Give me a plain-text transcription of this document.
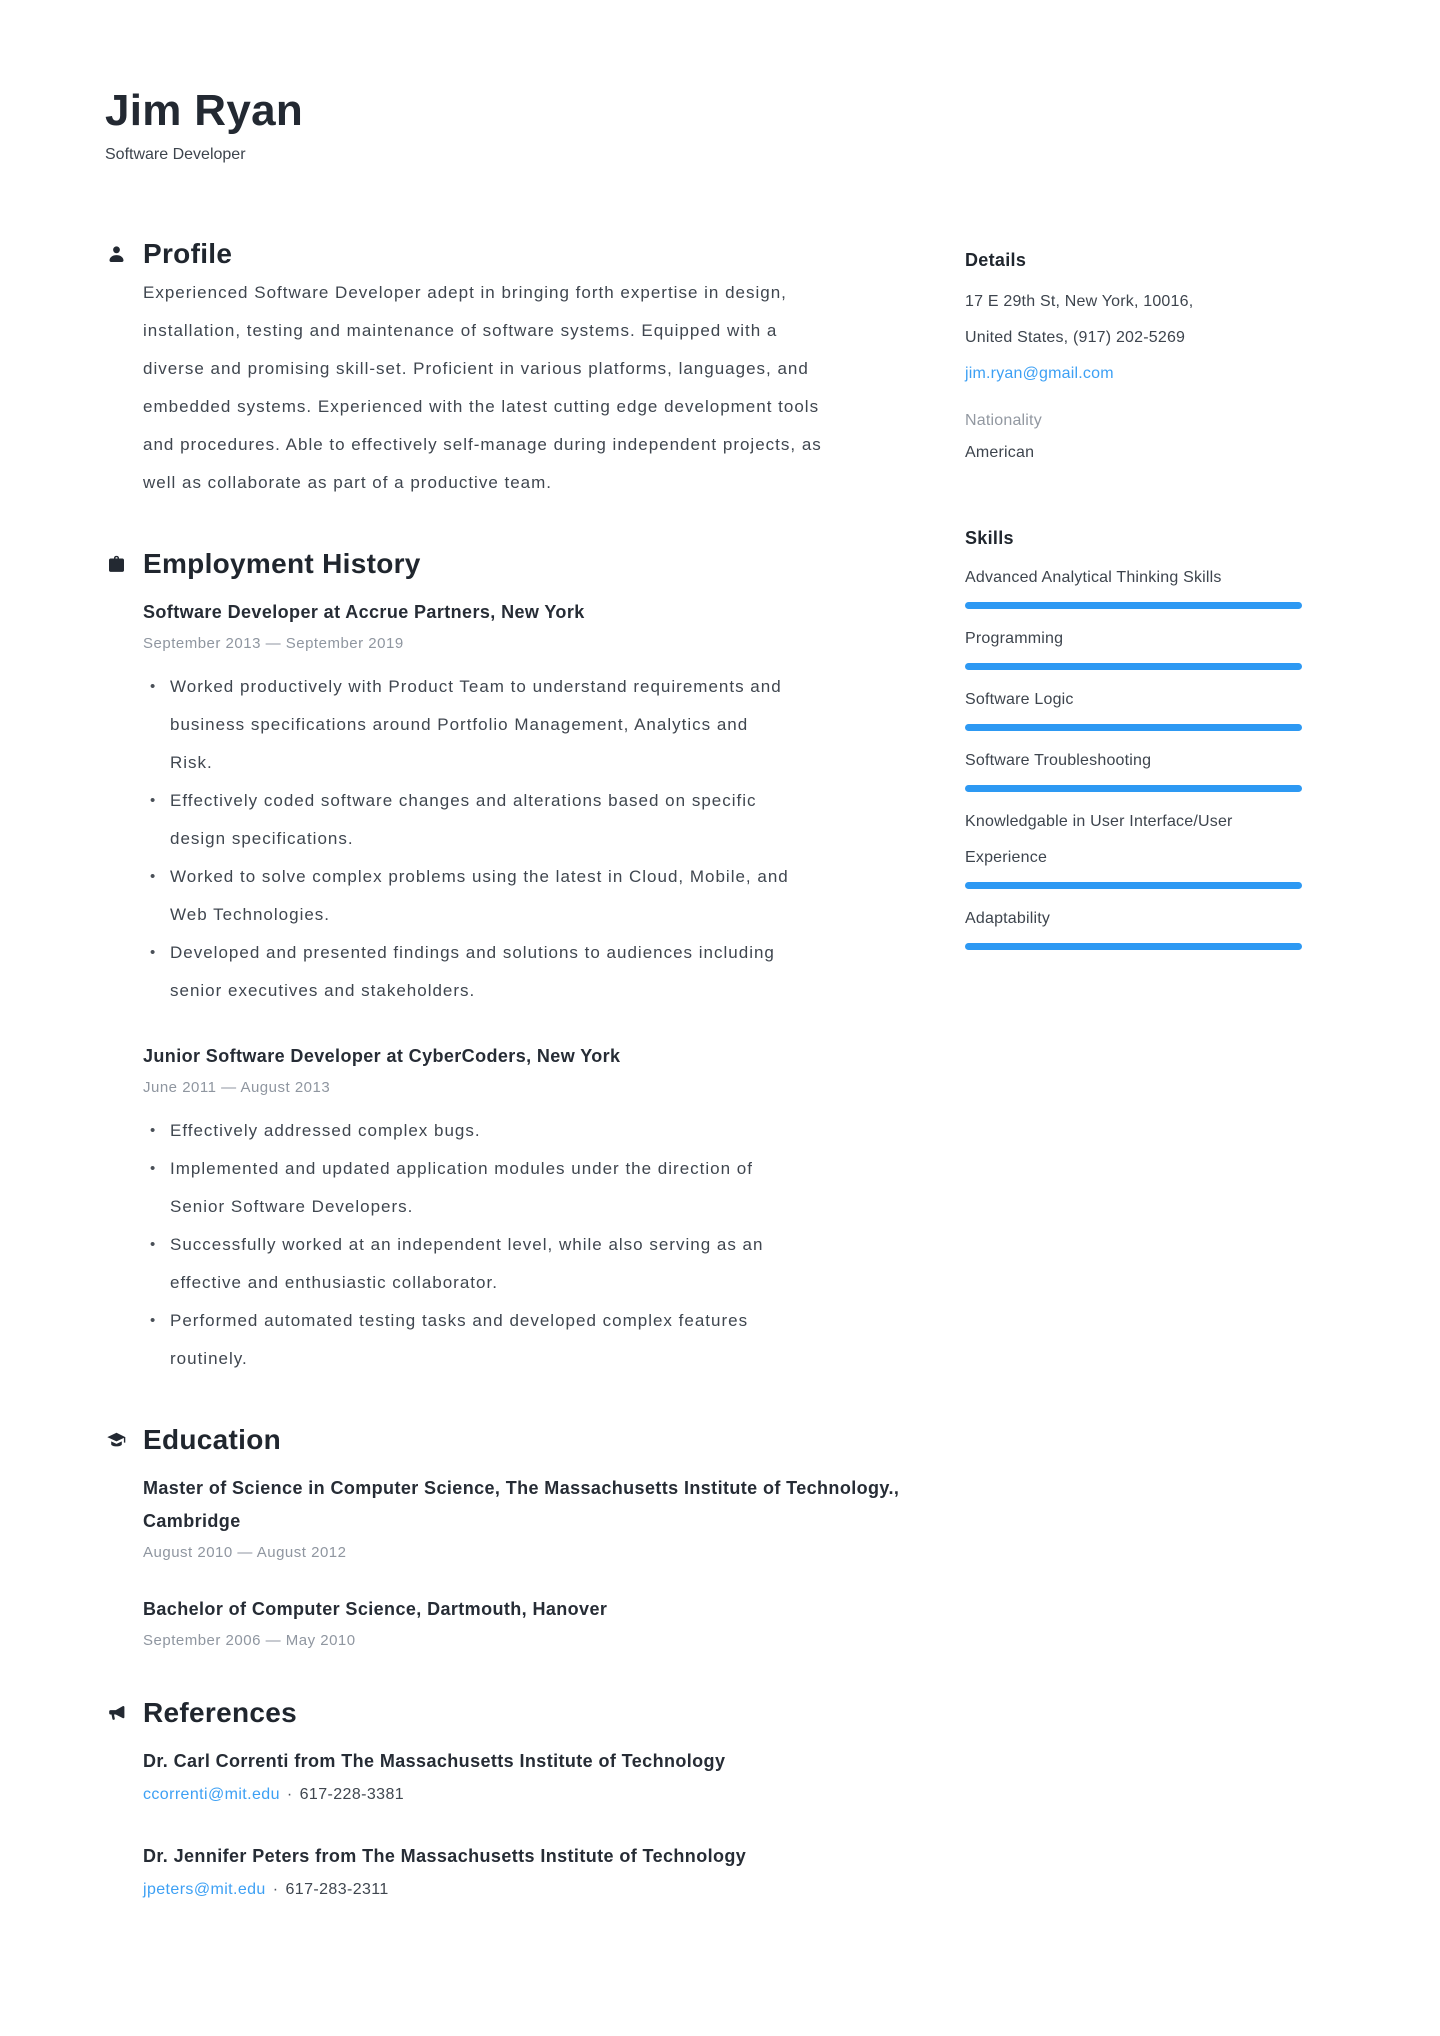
Jim Ryan
Software Developer
Profile

Experienced Software Developer adept in bringing forth expertise in design, installation, testing and maintenance of software systems. Equipped with a diverse and promising skill-set. Proficient in various platforms, languages, and embedded systems. Experienced with the latest cutting edge development tools and procedures. Able to effectively self-manage during independent projects, as well as collaborate as part of a productive team.

Employment History
Software Developer at Accrue Partners, New York
September 2013 — September 2019
• Worked productively with Product Team to understand requirements and business specifications around Portfolio Management, Analytics and Risk.
• Effectively coded software changes and alterations based on specific design specifications.
• Worked to solve complex problems using the latest in Cloud, Mobile, and Web Technologies.
• Developed and presented findings and solutions to audiences including senior executives and stakeholders.
Junior Software Developer at CyberCoders, New York
June 2011 — August 2013
• Effectively addressed complex bugs.
• Implemented and updated application modules under the direction of Senior Software Developers.
• Successfully worked at an independent level, while also serving as an effective and enthusiastic collaborator.
• Performed automated testing tasks and developed complex features routinely.
Education
Master of Science in Computer Science, The Massachusetts Institute of Technology., Cambridge
August 2010 — August 2012
Bachelor of Computer Science, Dartmouth, Hanover
September 2006 — May 2010
References
Dr. Carl Correnti from The Massachusetts Institute of Technology
ccorrenti@mit.edu · 617-228-3381
Dr. Jennifer Peters from The Massachusetts Institute of Technology
jpeters@mit.edu · 617-283-2311
Details
17 E 29th St, New York, 10016,
United States, (917) 202-5269
jim.ryan@gmail.com
Nationality
American
Skills
Advanced Analytical Thinking Skills
Programming
Software Logic
Software Troubleshooting
Knowledgable in User Interface/User Experience
Adaptability
